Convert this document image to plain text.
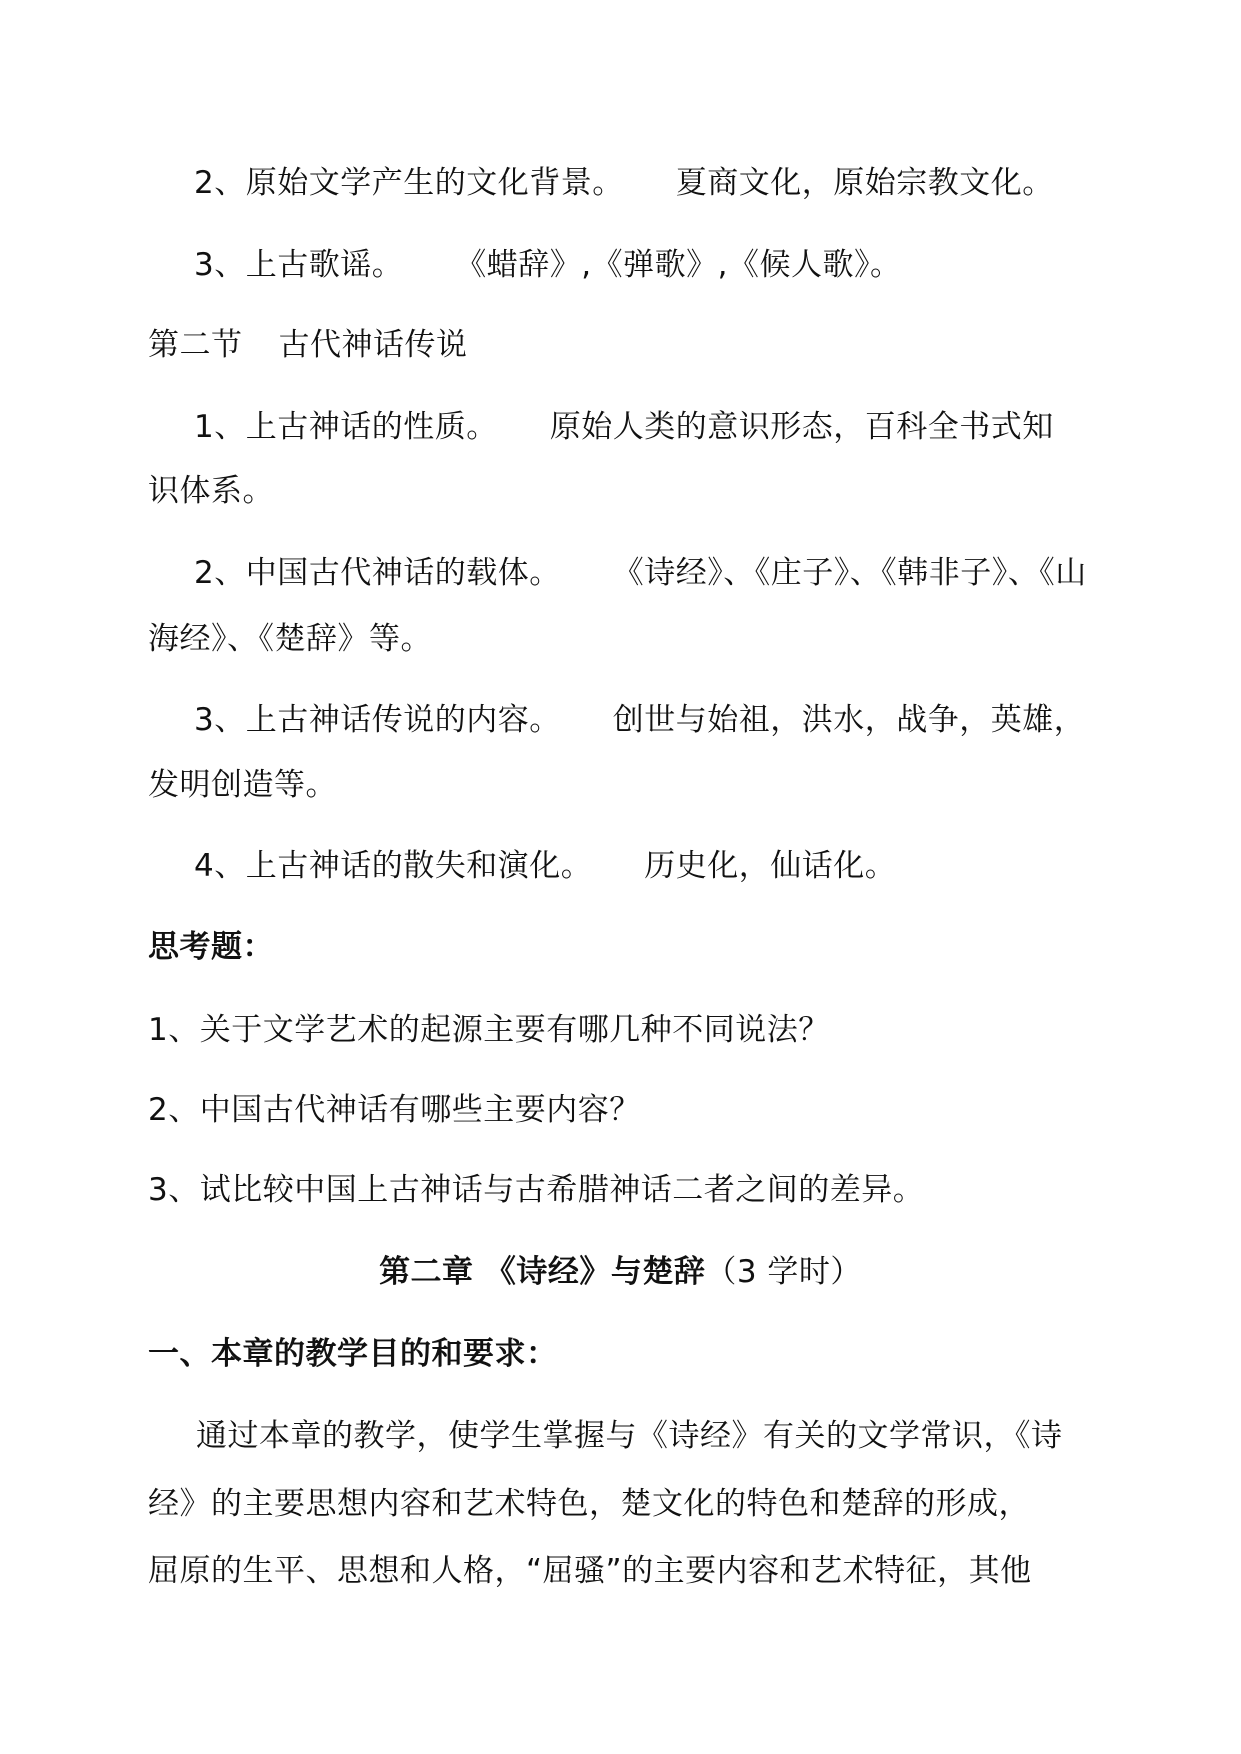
2、原始文学产生的文化背景。 夏商文化，原始宗教文化。
3、上古歌谣。 《蜡辞》,《弹歌》,《候人歌》。
第二节 古代神话传说
1、上古神话的性质。 原始人类的意识形态，百科全书式知
识体系。
2、中国古代神话的载体。 《诗经》、《庄子》、《韩非子》、《山
海经》、《楚辞》等。
3、上古神话传说的内容。 创世与始祖，洪水，战争，英雄，
发明创造等。
4、上古神话的散失和演化。 历史化，仙话化。
思考题：
1、关于文学艺术的起源主要有哪几种不同说法？
2、中国古代神话有哪些主要内容？
3、试比较中国上古神话与古希腊神话二者之间的差异。
第二章 《诗经》与楚辞（3 学时）
一、本章的教学目的和要求：
通过本章的教学，使学生掌握与《诗经》有关的文学常识，《诗
经》的主要思想内容和艺术特色，楚文化的特色和楚辞的形成，
屈原的生平、思想和人格，“屈骚”的主要内容和艺术特征，其他
